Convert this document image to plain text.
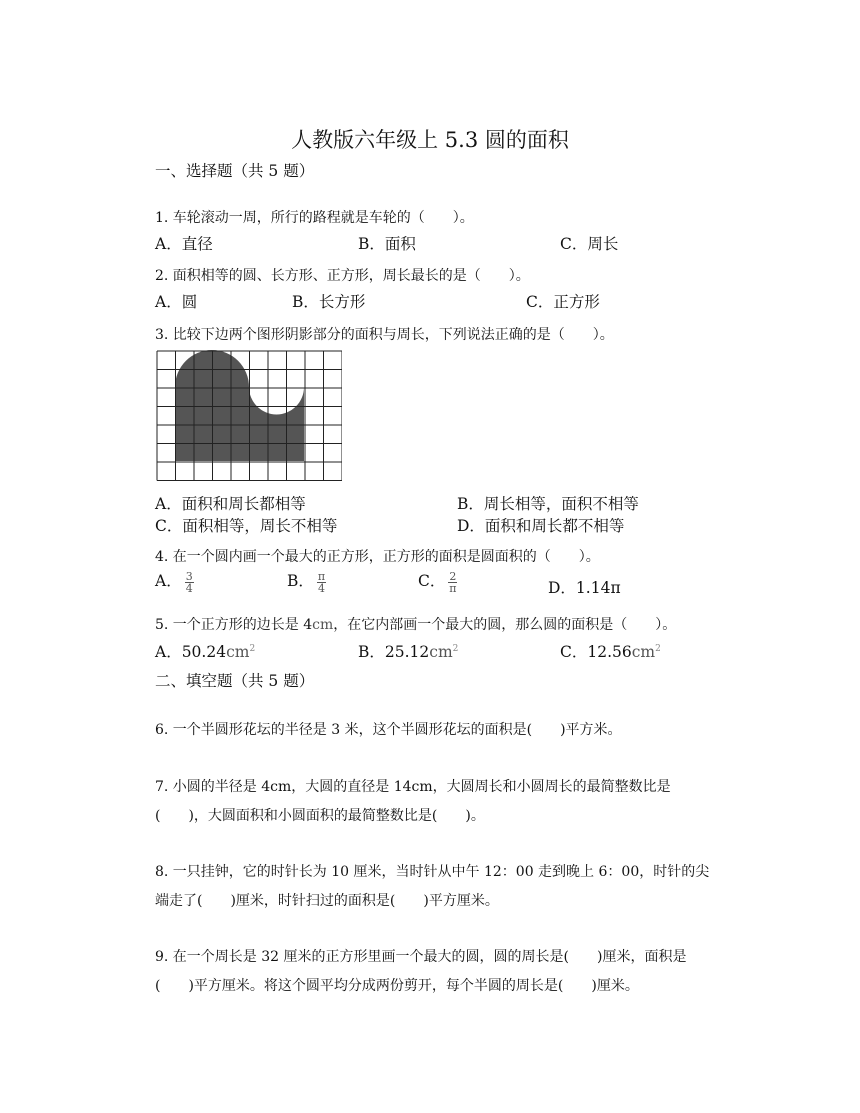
人教版六年级上 5.3 圆的面积
一、选择题（共 5 题）
1. 车轮滚动一周，所行的路程就是车轮的（　　）。
A．直径	B．面积	C．周长
2. 面积相等的圆、长方形、正方形，周长最长的是（　　）。
A．圆	B．长方形	C．正方形
3. 比较下边两个图形阴影部分的面积与周长，下列说法正确的是（　　）。
A．面积和周长都相等	B．周长相等，面积不相等
C．面积相等，周长不相等	D．面积和周长都不相等
4. 在一个圆内画一个最大的正方形，正方形的面积是圆面积的（　　）。
A． $\frac{3}{4}$	B． $\frac{\pi}{4}$	C． $\frac{2}{\pi}$	D．1.14π
5. 一个正方形的边长是 4cm，在它内部画一个最大的圆，那么圆的面积是（　　）。
A．$50.24cm^2$	B．$25.12cm^2$	C．$12.56cm^2$
二、填空题（共 5 题）
6. 一个半圆形花坛的半径是 3 米，这个半圆形花坛的面积是(　　)平方米。
7. 小圆的半径是 4cm，大圆的直径是 14cm，大圆周长和小圆周长的最简整数比是
(　　)，大圆面积和小圆面积的最简整数比是(　　)。
8. 一只挂钟，它的时针长为 10 厘米，当时针从中午 12：00 走到晚上 6：00，时针的尖
端走了(　　)厘米，时针扫过的面积是(　　)平方厘米。
9. 在一个周长是 32 厘米的正方形里画一个最大的圆，圆的周长是(　　)厘米，面积是
(　　)平方厘米。将这个圆平均分成两份剪开，每个半圆的周长是(　　)厘米。
